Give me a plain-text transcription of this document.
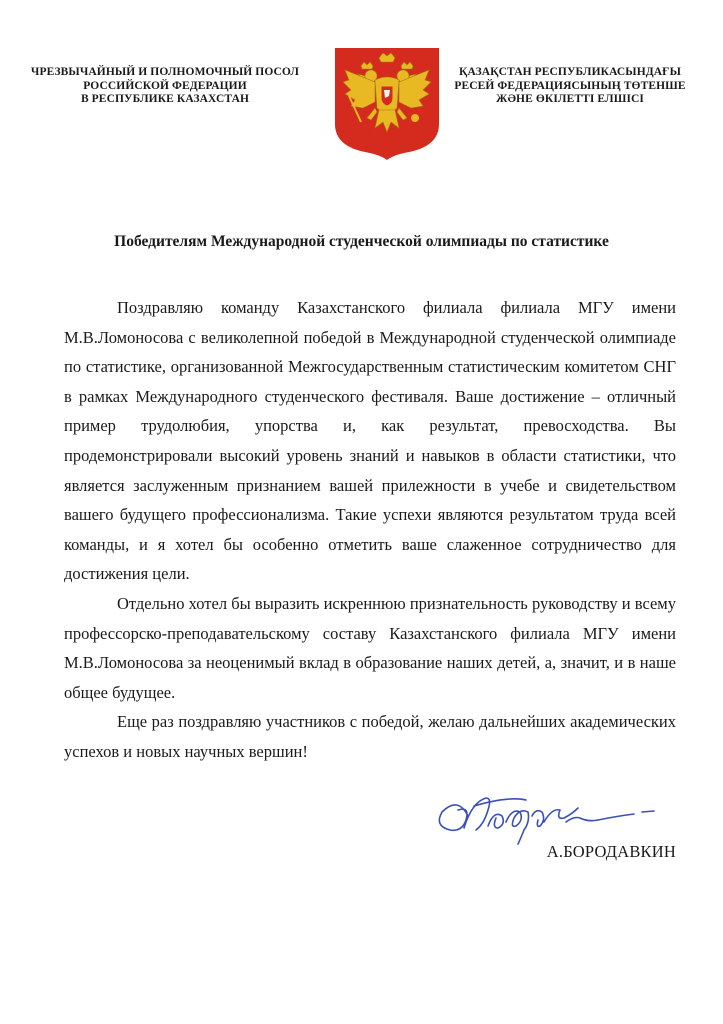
ЧРЕЗВЫЧАЙНЫЙ И ПОЛНОМОЧНЫЙ ПОСОЛ
РОССИЙСКОЙ ФЕДЕРАЦИИ
В РЕСПУБЛИКЕ КАЗАХСТАН
ҚАЗАҚСТАН РЕСПУБЛИКАСЫНДАҒЫ
РЕСЕЙ ФЕДЕРАЦИЯСЫНЫҢ ТӨТЕНШЕ
ЖӘНЕ ӨКІЛЕТТІ ЕЛШІСІ
Победителям Международной студенческой олимпиады по статистике

Поздравляю команду Казахстанского филиала филиала МГУ имени М.В.Ломоносова с великолепной победой в Международной студенческой олимпиаде по статистике, организованной Межгосударственным статистическим комитетом СНГ в рамках Международного студенческого фестиваля. Ваше достижение – отличный пример трудолюбия, упорства и, как результат, превосходства. Вы продемонстрировали высокий уровень знаний и навыков в области статистики, что является заслуженным признанием вашей прилежности в учебе и свидетельством вашего будущего профессионализма. Такие успехи являются результатом труда всей команды, и я хотел бы особенно отметить ваше слаженное сотрудничество для достижения цели.

Отдельно хотел бы выразить искреннюю признательность руководству и всему профессорско-преподавательскому составу Казахстанского филиала МГУ имени М.В.Ломоносова за неоценимый вклад в образование наших детей, а, значит, и в наше общее будущее.

Еще раз поздравляю участников с победой, желаю дальнейших академических успехов и новых научных вершин!

А.БОРОДАВКИН
